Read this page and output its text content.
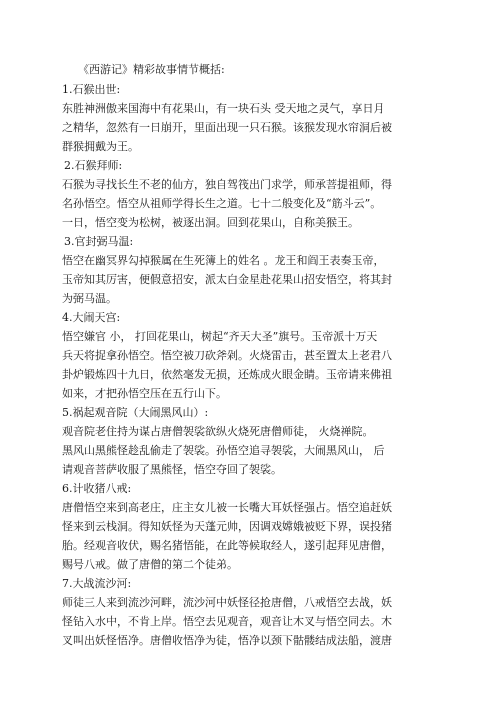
《西游记》精彩故事情节概括:

1.石猴出世:

东胜神洲傲来国海中有花果山，有一块石头 受天地之灵气，享日月
之精华，忽然有一日崩开，里面出现一只石猴。该猴发现水帘洞后被
群猴拥戴为王。

2.石猴拜师:

石猴为寻找长生不老的仙方，独自驾筏出门求学，师承菩提祖师，得
名孙悟空。悟空从祖师学得长生之道。七十二般变化及“筋斗云”。
一日，悟空变为松树，被逐出洞。回到花果山，自称美猴王。

3.官封弼马温:

悟空在幽冥界勾掉猴属在生死簿上的姓名 。龙王和阎王表奏玉帝，
玉帝知其厉害，便假意招安，派太白金星赴花果山招安悟空，将其封
为弼马温。

4.大闹天宫:

悟空嫌官 小， 打回花果山，树起“齐天大圣”旗号。玉帝派十万天
兵天将捉拿孙悟空。悟空被刀砍斧剁。火烧雷击，甚至置太上老君八
卦炉锻炼四十九日，依然毫发无损，还炼成火眼金睛。玉帝请来佛祖
如来，才把孙悟空压在五行山下。

5.祸起观音院（大闹黑风山）:

观音院老住持为谋占唐僧袈裟欲纵火烧死唐僧师徒， 火烧禅院。
黑风山黑熊怪趁乱偷走了袈裟。孙悟空追寻袈裟，大闹黑风山， 后
请观音菩萨收服了黑熊怪，悟空夺回了袈裟。

6.计收猪八戒:

唐僧悟空来到高老庄，庄主女儿被一长嘴大耳妖怪强占。悟空追赶妖
怪来到云栈洞。得知妖怪为天蓬元帅，因调戏嫦娥被贬下界，误投猪
胎。经观音收伏，赐名猪悟能，在此等候取经人，遂引起拜见唐僧，
赐号八戒。做了唐僧的第二个徒弟。

7.大战流沙河:

师徒三人来到流沙河畔，流沙河中妖怪径抢唐僧，八戒悟空去战，妖
怪钻入水中，不肯上岸。悟空去见观音，观音让木叉与悟空同去。木
叉叫出妖怪悟净。唐僧收悟净为徒，悟净以颈下骷髅结成法船，渡唐
